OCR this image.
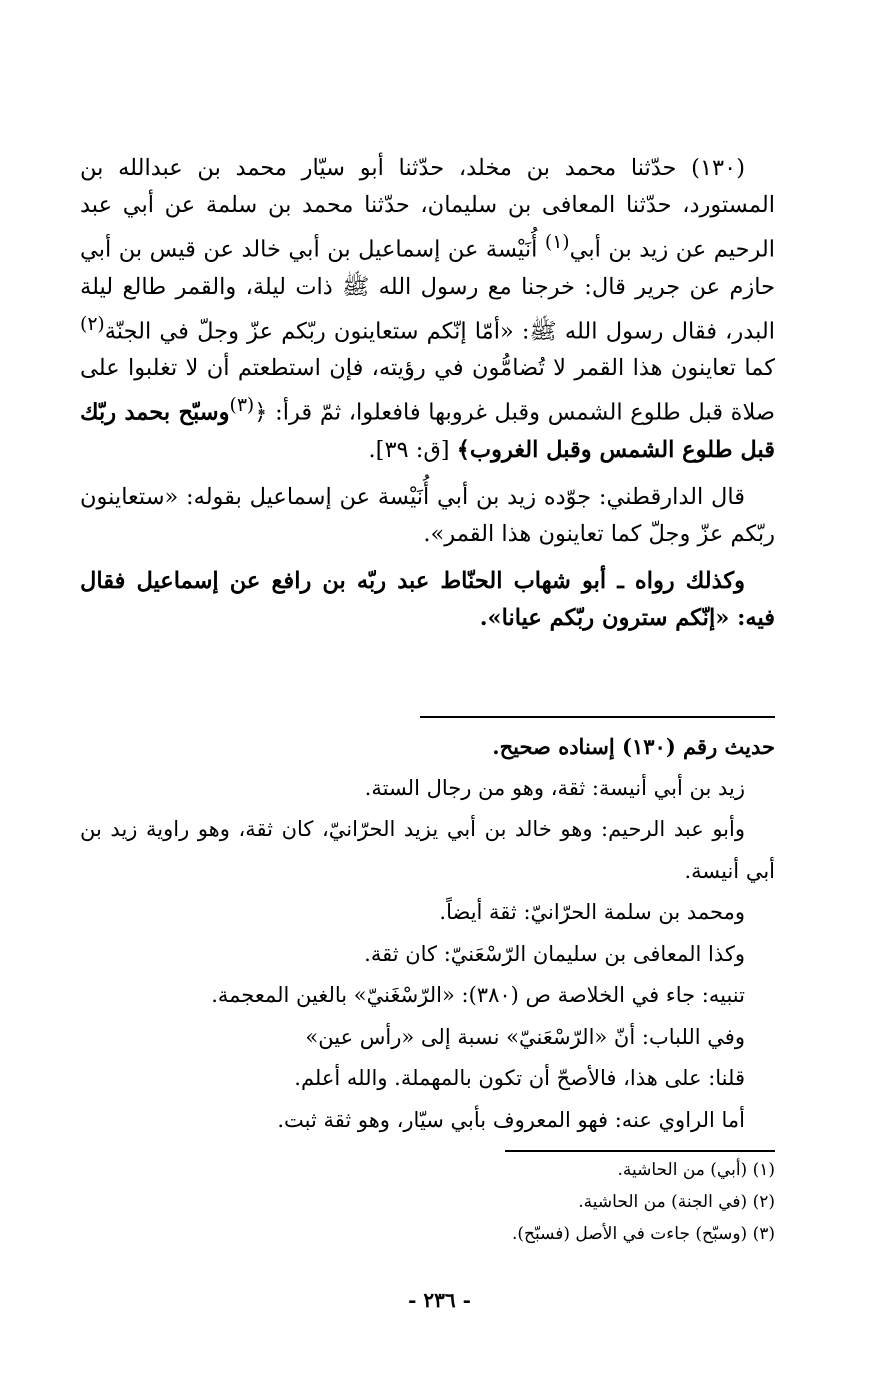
(١٣٠) حدّثنا محمد بن مخلد، حدّثنا أبو سيّار محمد بن عبدالله بن المستورد، حدّثنا المعافى بن سليمان، حدّثنا محمد بن سلمة عن أبي عبد الرحيم عن زيد بن أبي$^{(١)}$ أُنَيْسة عن إسماعيل بن أبي خالد عن قيس بن أبي حازم عن جرير قال: خرجنا مع رسول الله ﷺ ذات ليلة، والقمر طالع ليلة البدر، فقال رسول الله ﷺ: «أمّا إنّكم ستعاينون ربّكم عزّ وجلّ في الجنّة$^{(٢)}$ كما تعاينون هذا القمر لا تُضامُّون في رؤيته، فإن استطعتم أن لا تغلبوا على صلاة قبل طلوع الشمس وقبل غروبها فافعلوا، ثمّ قرأ: ﴿$^{(٣)}$وسبّح بحمد ربّك قبل طلوع الشمس وقبل الغروب﴾ [ق: ٣٩].

قال الدارقطني: جوّده زيد بن أبي أُنَيْسة عن إسماعيل بقوله: «ستعاينون ربّكم عزّ وجلّ كما تعاينون هذا القمر».

وكذلك رواه ـ أبو شهاب الحنّاط عبد ربّه بن رافع عن إسماعيل فقال فيه: «إنّكم سترون ربّكم عيانا».

حديث رقم (١٣٠) إسناده صحيح.

زيد بن أبي أنيسة: ثقة، وهو من رجال الستة.

وأبو عبد الرحيم: وهو خالد بن أبي يزيد الحرّانيّ، كان ثقة، وهو راوية زيد بن أبي أنيسة.

ومحمد بن سلمة الحرّانيّ: ثقة أيضاً.

وكذا المعافى بن سليمان الرّسْعَنيّ: كان ثقة.

تنبيه: جاء في الخلاصة ص (٣٨٠): «الرّسْغَنيّ» بالغين المعجمة.

وفي اللباب: أنّ «الرّسْعَنيّ» نسبة إلى «رأس عين»

قلنا: على هذا، فالأصحّ أن تكون بالمهملة. والله أعلم.

أما الراوي عنه: فهو المعروف بأبي سيّار، وهو ثقة ثبت.

(١) (أبي) من الحاشية.

(٢) (في الجنة) من الحاشية.

(٣) (وسبّح) جاءت في الأصل (فسبّح).

- ٢٣٦ -
